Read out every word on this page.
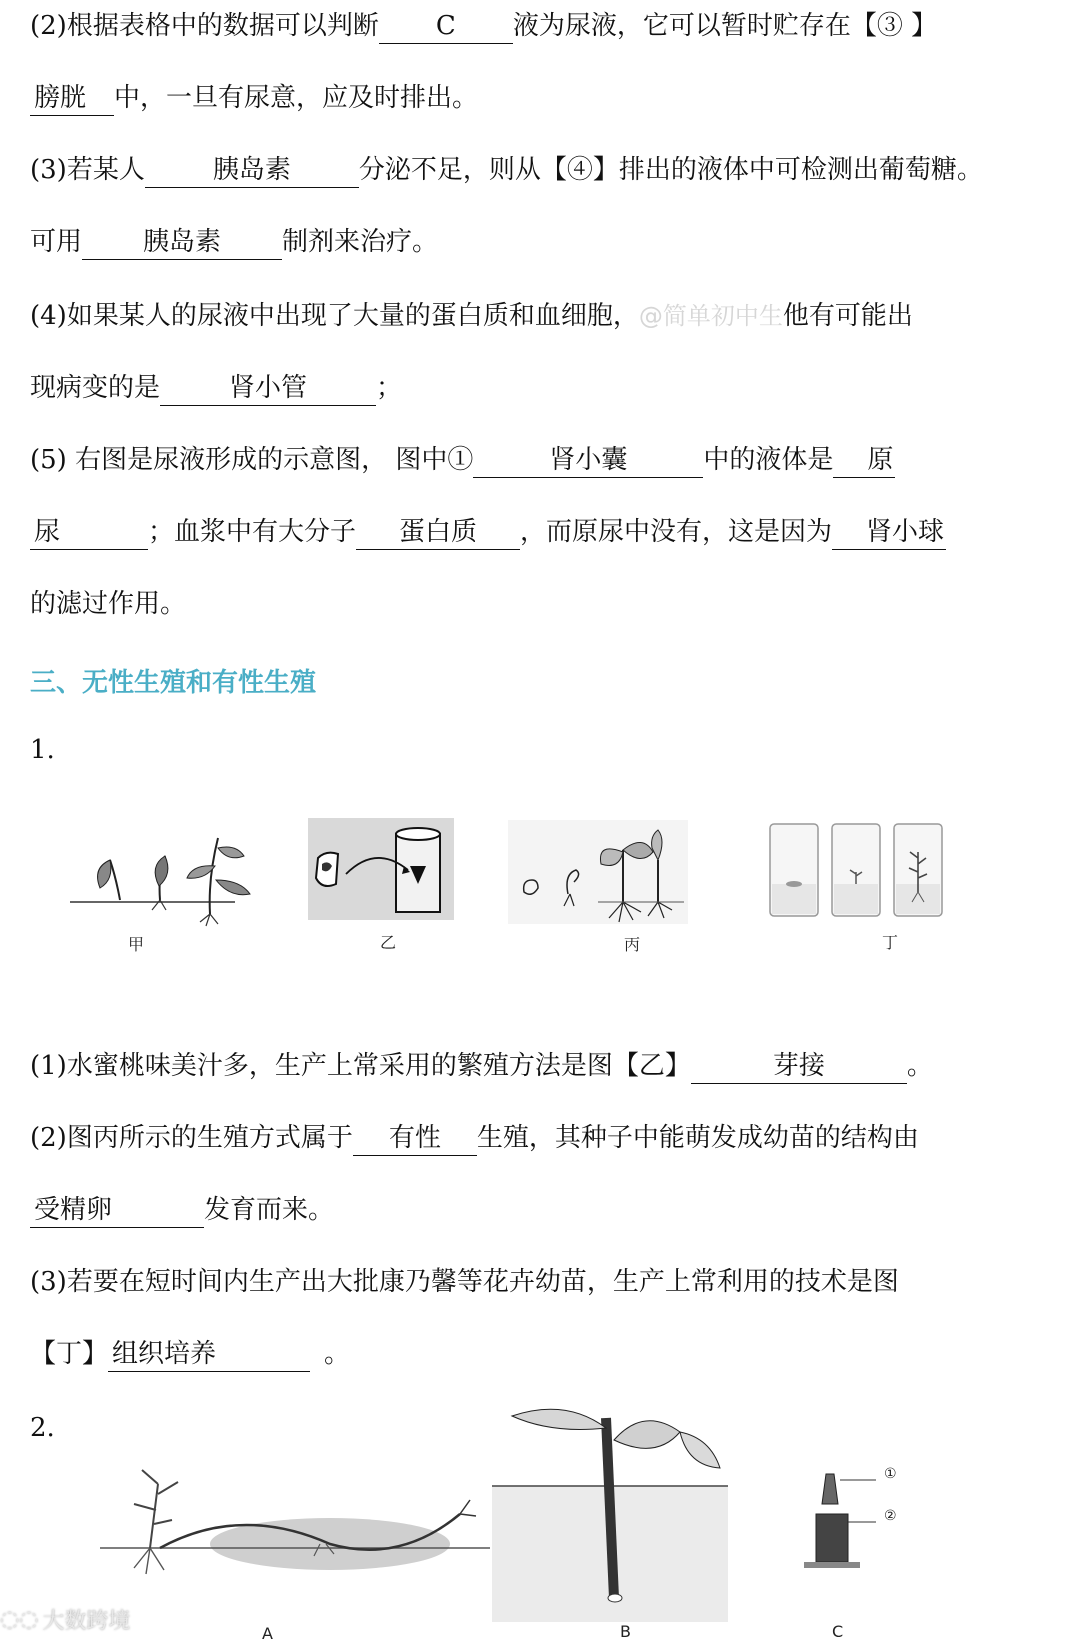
(2)根据表格中的数据可以判断 C 液为尿液，它可以暂时贮存在【③ 】
膀胱 中，一旦有尿意，应及时排出。
(3)若某人	胰岛素	分泌不足，则从【④】排出的液体中可检测出葡萄糖。
可用 胰岛素 制剂来治疗。
(4)如果某人的尿液中出现了大量的蛋白质和血细胞，@简单初中生他有可能出
现病变的是	肾小管	；
(5) 右图是尿液形成的示意图， 图中①	肾小囊	中的液体是 原
尿	；血浆中有大分子 蛋白质 ，而原尿中没有，这是因为 肾小球
的滤过作用。
三、无性生殖和有性生殖
1.
甲	乙	丙	丁
(1)水蜜桃味美汁多，生产上常采用的繁殖方法是图【乙】	芽接	。
(2)图丙所示的生殖方式属于 有性 生殖，其种子中能萌发成幼苗的结构由
受精卵	发育而来。
(3)若要在短时间内生产出大批康乃馨等花卉幼苗，生产上常利用的技术是图
【丁】 组织培养	。
2.
A	B
①
②
C
◌◌ 大数跨境
